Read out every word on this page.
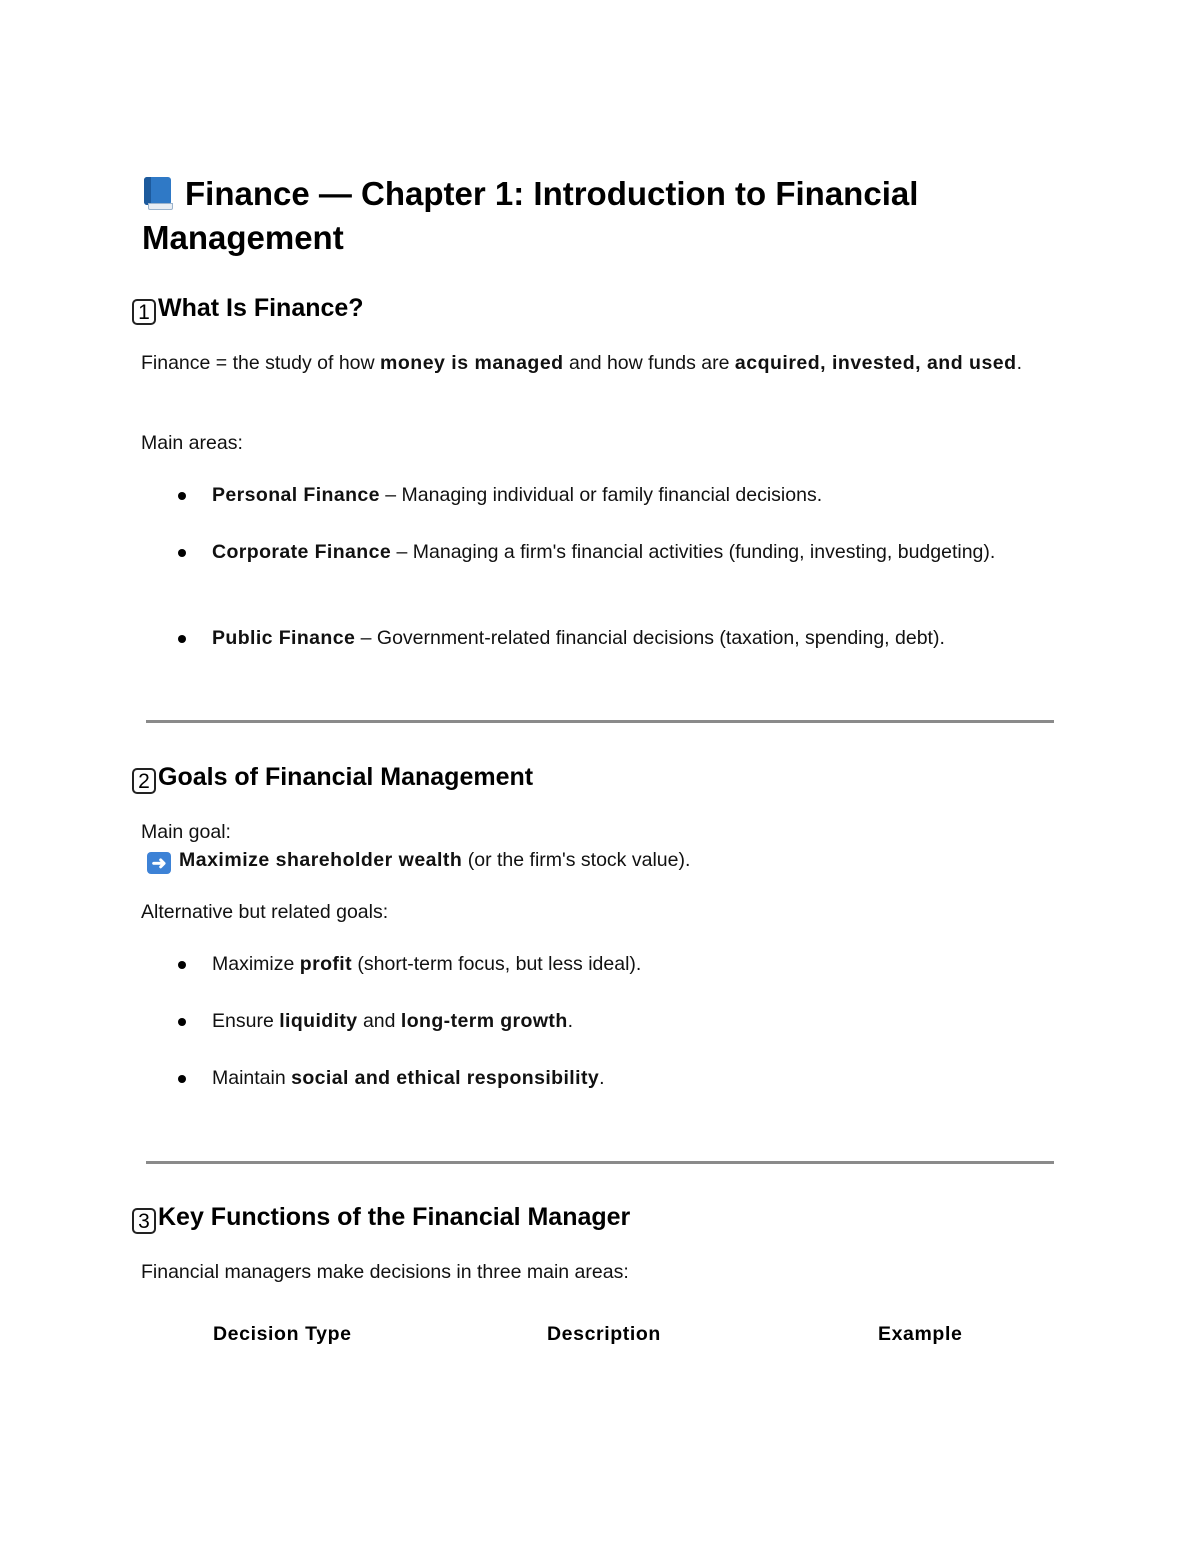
Finance — Chapter 1: Introduction to Financial Management
1 What Is Finance?

Finance = the study of how money is managed and how funds are acquired, invested, and used.

Main areas:

Personal Finance – Managing individual or family financial decisions.
Corporate Finance – Managing a firm's financial activities (funding, investing, budgeting).
Public Finance – Government-related financial decisions (taxation, spending, debt).
2 Goals of Financial Management

Main goal:
➜ Maximize shareholder wealth (or the firm's stock value).

Alternative but related goals:

Maximize profit (short-term focus, but less ideal).
Ensure liquidity and long-term growth.
Maintain social and ethical responsibility.
3 Key Functions of the Financial Manager

Financial managers make decisions in three main areas:

Decision Type	Description	Example
